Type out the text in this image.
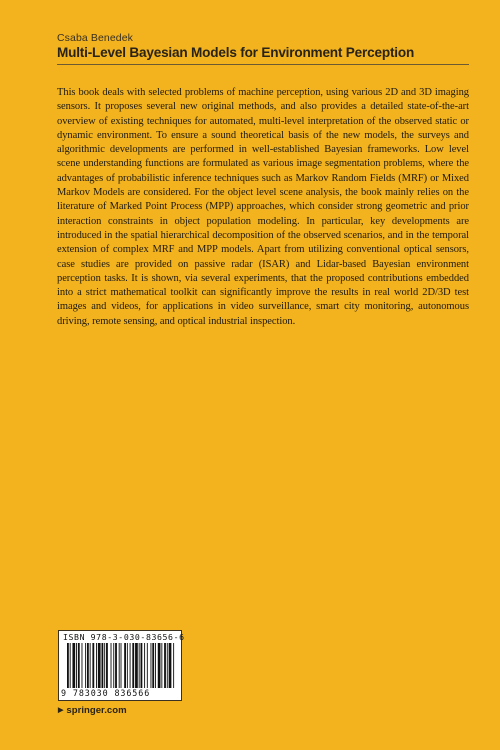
Csaba Benedek
Multi-Level Bayesian Models for Environment Perception
This book deals with selected problems of machine perception, using various 2D and 3D imaging sensors. It proposes several new original methods, and also provides a detailed state-of-the-art overview of existing techniques for automated, multi-level interpretation of the observed static or dynamic environment. To ensure a sound theoretical basis of the new models, the surveys and algorithmic developments are performed in well-established Bayesian frameworks. Low level scene understanding functions are formulated as various image segmentation problems, where the advantages of probabilistic inference techniques such as Markov Random Fields (MRF) or Mixed Markov Models are considered. For the object level scene analysis, the book mainly relies on the literature of Marked Point Process (MPP) approaches, which consider strong geometric and prior interaction constraints in object population modeling. In particular, key developments are introduced in the spatial hierarchical decomposition of the observed scenarios, and in the temporal extension of complex MRF and MPP models. Apart from utilizing conventional optical sensors, case studies are provided on passive radar (ISAR) and Lidar-based Bayesian environment perception tasks. It is shown, via several experiments, that the proposed contributions embedded into a strict mathematical toolkit can significantly improve the results in real world 2D/3D test images and videos, for applications in video surveillance, smart city monitoring, autonomous driving, remote sensing, and optical industrial inspection.
ISBN 978-3-030-83656-6
9 783030 836566
▶ springer.com
